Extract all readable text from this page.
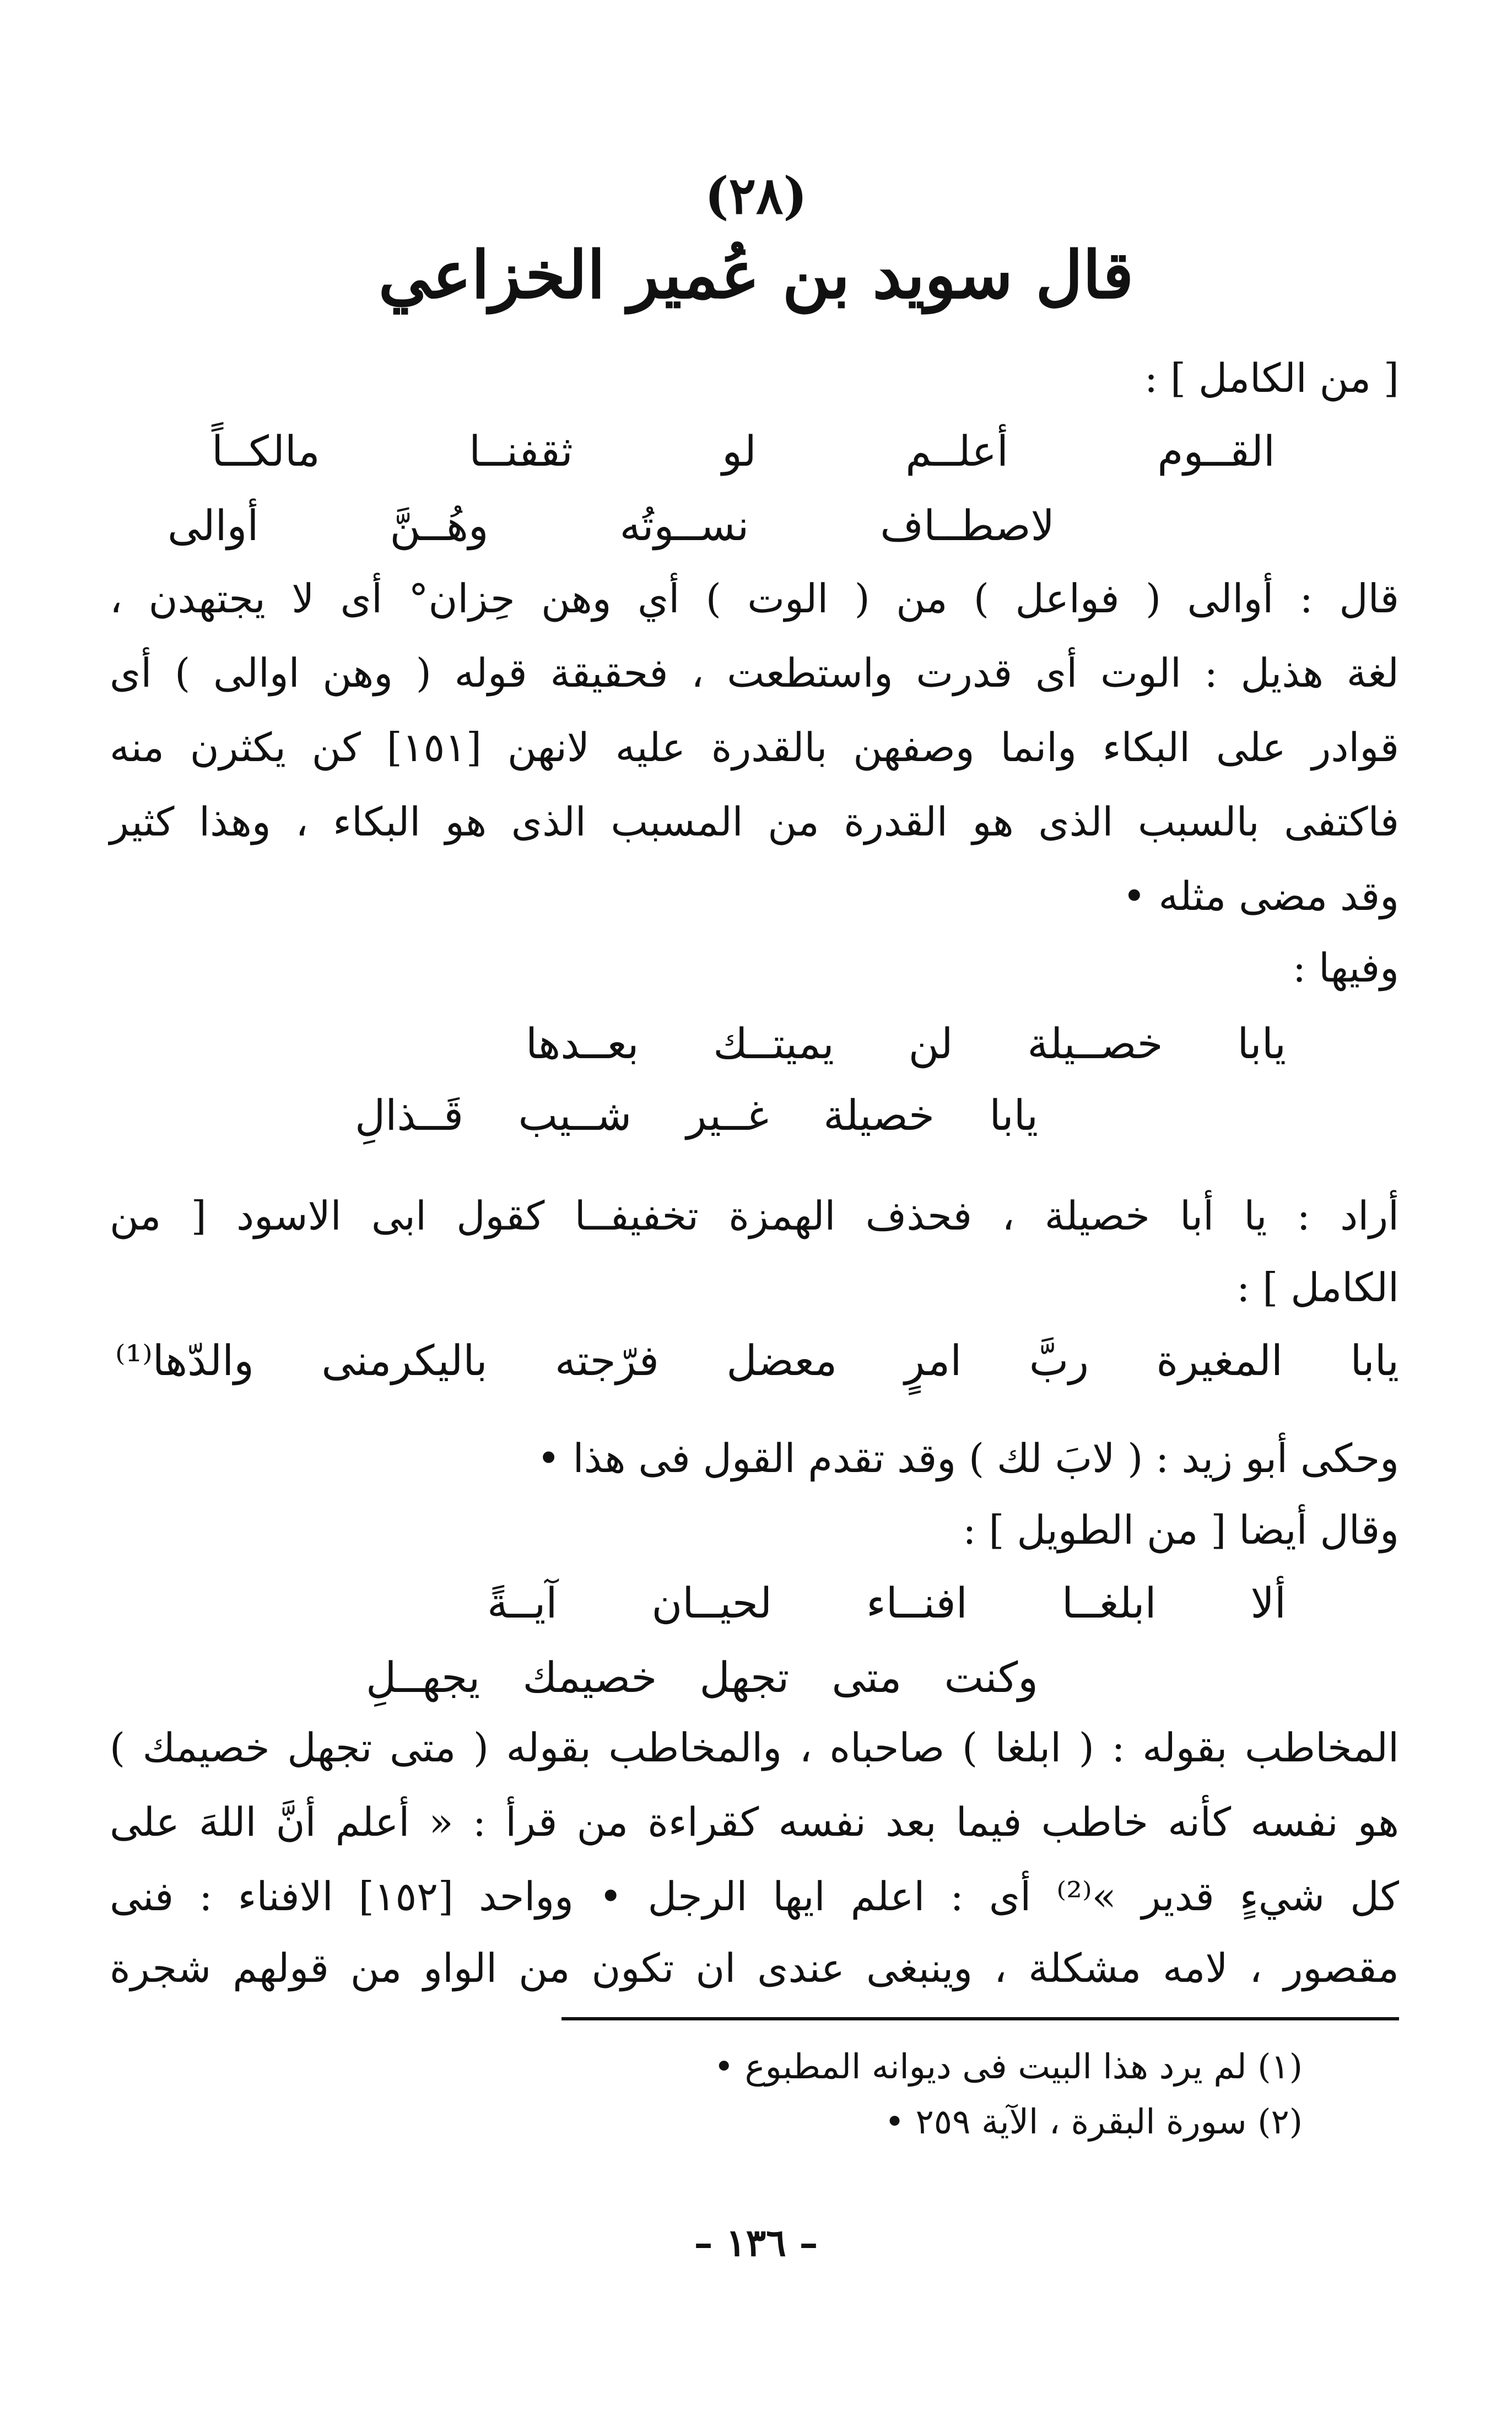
(٢٨)
قال سويد بن عُمير الخزاعي
[ من الكامل ] :
القــوم أعلــم لو ثقفنــا مالكــاً
لاصطــاف نســوتُه وهُــنَّ أوالى
قال : أوالى ( فواعل ) من ( الوت ) أي وهن حِزان° أى لا يجتهدن ،
لغة هذيل : الوت أى قدرت واستطعت ، فحقيقة قوله ( وهن اوالى ) أى
قوادر على البكاء وانما وصفهن بالقدرة عليه لانهن [١٥١] كن يكثرن منه
فاكتفى بالسبب الذى هو القدرة من المسبب الذى هو البكاء ، وهذا كثير
وقد مضى مثله •
وفيها :
يابا خصــيلة لن يميتــك بعــدها
يابا خصيلة غــير شــيب قَــذالِ
أراد : يا أبا خصيلة ، فحذف الهمزة تخفيفــا كقول ابى الاسود [ من
الكامل ] :
يابا المغيرة ربَّ امرٍ معضل فرّجته باليكرمنى والدّها⁽¹⁾
وحكى أبو زيد : ( لابَ لك ) وقد تقدم القول فى هذا •
وقال أيضا [ من الطويل ] :
ألا ابلغــا افنــاء لحيــان آيــةً
وكنت متى تجهل خصيمك يجهــلِ
المخاطب بقوله : ( ابلغا ) صاحباه ، والمخاطب بقوله ( متى تجهل خصيمك )
هو نفسه كأنه خاطب فيما بعد نفسه كقراءة من قرأ : « أعلم أنَّ اللهَ على
كل شيءٍ قدير »⁽²⁾ أى : اعلم ايها الرجل • وواحد [١٥٢] الافناء : فنى
مقصور ، لامه مشكلة ، وينبغى عندى ان تكون من الواو من قولهم شجرة
(١) لم يرد هذا البيت فى ديوانه المطبوع •
(٢) سورة البقرة ، الآية ٢٥٩ •
– ١٣٦ –
